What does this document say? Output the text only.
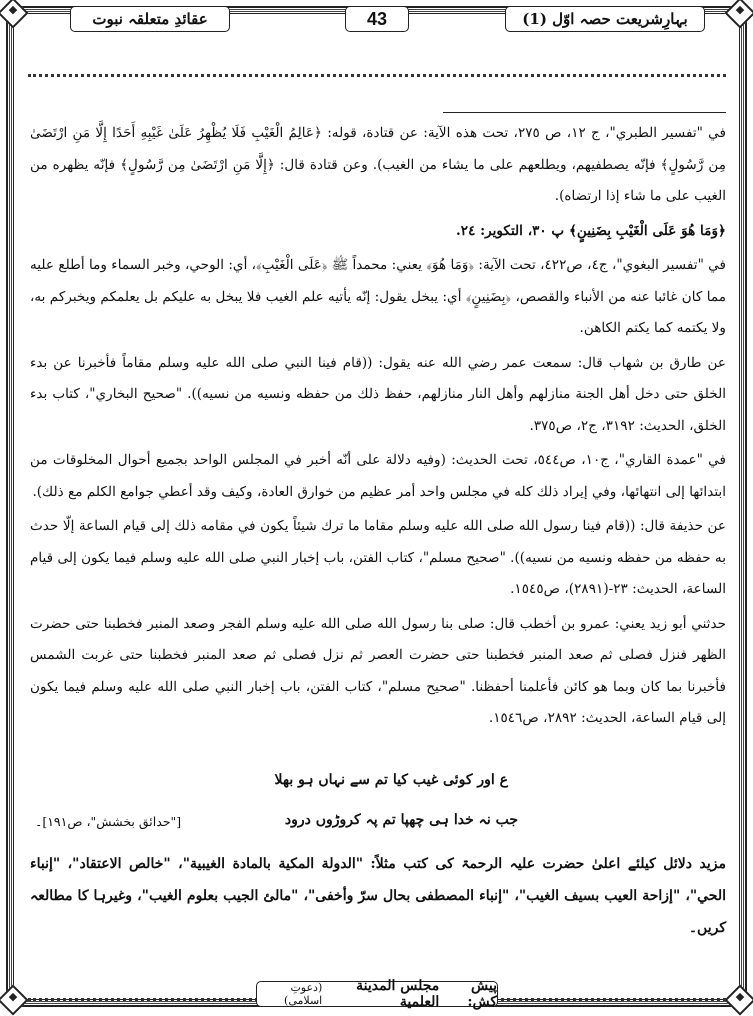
بہارِشریعت حصہ اوّل (1)
43
عقائدِ متعلقہ نبوت

في "تفسير الطبري"، ج ١٢، ص ٢٧٥، تحت هذه الآية: عن قتادة، قوله: ﴿عَالِمُ الْغَيْبِ فَلَا يُظْهِرُ عَلَىٰ غَيْبِهِ أَحَدًا إِلَّا مَنِ ارْتَضَىٰ مِن رَّسُولٍ﴾ فإنّه يصطفيهم، ويطلعهم على ما يشاء من الغيب). وعن قتادة قال: ﴿إِلَّا مَنِ ارْتَضَىٰ مِن رَّسُولٍ﴾ فإنّه يظهره من الغيب على ما شاء إذا ارتضاه).

﴿وَمَا هُوَ عَلَى الْغَيْبِ بِضَنِينٍ﴾ پ ٣٠، التكوير: ٢٤.

في "تفسير البغوي"، ج٤، ص٤٢٢، تحت الآية: ﴿وَمَا هُوَ﴾ يعني: محمداً ﷺ ﴿عَلَى الْغَيْبِ﴾، أي: الوحي، وخبر السماء وما أطلع عليه مما كان غائبا عنه من الأنباء والقصص، ﴿بِضَنِينٍ﴾ أي: يبخل يقول: إنّه يأتيه علم الغيب فلا يبخل به عليكم بل يعلمكم ويخبركم به، ولا يكتمه كما يكتم الكاهن.

عن طارق بن شهاب قال: سمعت عمر رضي الله عنه يقول: ((قام فينا النبي صلى الله عليه وسلم مقاماً فأخبرنا عن بدء الخلق حتى دخل أهل الجنة منازلهم وأهل النار منازلهم، حفظ ذلك من حفظه ونسيه من نسيه)). "صحيح البخاري"، كتاب بدء الخلق، الحديث: ٣١٩٢، ج٢، ص٣٧٥.

في "عمدة القاري"، ج١٠، ص٥٤٤، تحت الحديث: (وفيه دلالة على أنّه أخبر في المجلس الواحد بجميع أحوال المخلوقات من ابتدائها إلى انتهائها، وفي إيراد ذلك كله في مجلس واحد أمر عظيم من خوارق العادة، وكيف وقد أعطي جوامع الكلم مع ذلك).

عن حذيفة قال: ((قام فينا رسول الله صلى الله عليه وسلم مقاما ما ترك شيئاً يكون في مقامه ذلك إلى قيام الساعة إلّا حدث به حفظه من حفظه ونسيه من نسيه)). "صحيح مسلم"، كتاب الفتن، باب إخبار النبي صلى الله عليه وسلم فيما يكون إلى قيام الساعة، الحديث: ٢٣-(٢٨٩١)، ص١٥٤٥.

حدثني أبو زيد يعني: عمرو بن أخطب قال: صلى بنا رسول الله صلى الله عليه وسلم الفجر وصعد المنبر فخطبنا حتى حضرت الظهر فنزل فصلى ثم صعد المنبر فخطبنا حتى حضرت العصر ثم نزل فصلى ثم صعد المنبر فخطبنا حتى غربت الشمس فأخبرنا بما كان وبما هو كائن فأعلمنا أحفظنا. "صحيح مسلم"، كتاب الفتن، باب إخبار النبي صلى الله عليه وسلم فيما يكون إلى قيام الساعة، الحديث: ٢٨٩٢، ص١٥٤٦.

ع اور کوئی غیب کیا تم سے نہاں ہو بھلا
جب نہ خدا ہی چھپا تم پہ کروڑوں درود
["حدائق بخشش"، ص١٩١]۔
مزید دلائل کیلئے اعلیٰ حضرت علیہ الرحمۃ کی کتب مثلاً: "الدولة المكية بالمادة الغيبية"، "خالص الاعتقاد"، "إنباء الحي"، "إزاحة العيب بسيف الغيب"، "إنباء المصطفى بحال سرّ وأخفى"، "مالئ الجيب بعلوم الغيب"، وغیرہا کا مطالعہ کریں۔
پیش کش:
مجلس المدينة العلمية
(دعوتِ اسلامی)
